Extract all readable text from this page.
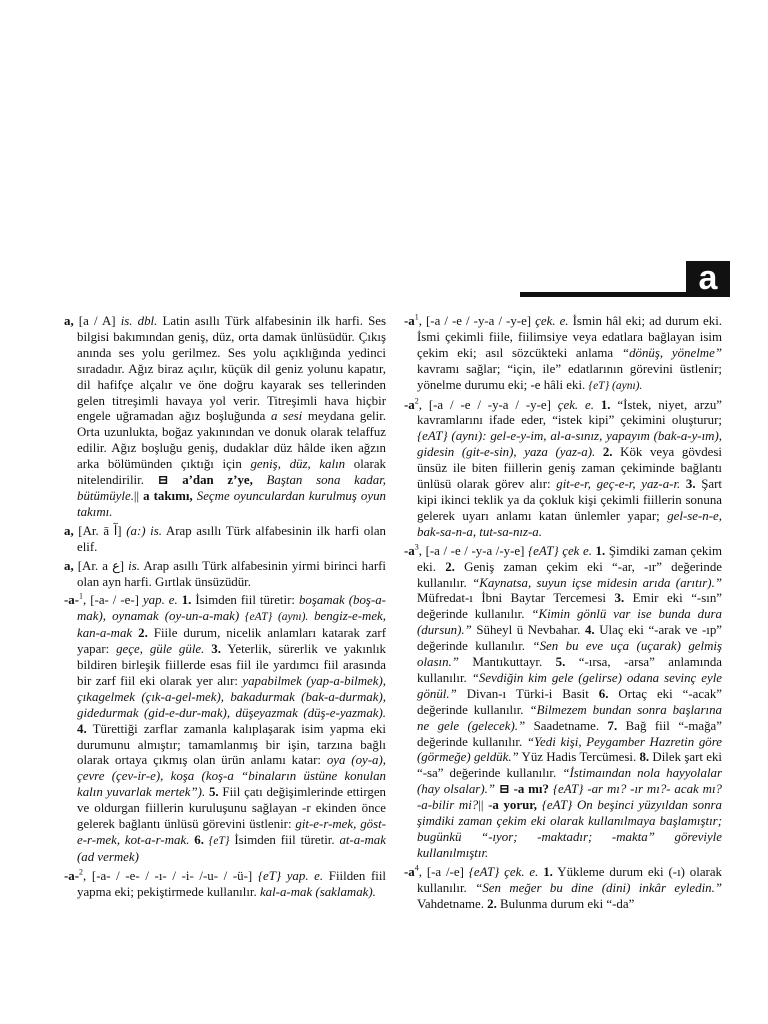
a

a, [a / A] is. dbl. Latin asıllı Türk alfabesinin ilk harfi. Ses bilgisi bakımından geniş, düz, orta damak ünlüsüdür. Çıkış anında ses yolu gerilmez. Ses yolu açıklığında yedinci sıradadır. Ağız biraz açılır, küçük dil geniz yolunu kapatır, dil hafifçe alçalır ve öne doğru kayarak ses tellerinden gelen titreşimli havaya yol verir. Titreşimli hava hiçbir engele uğramadan ağız boşluğunda a sesi meydana gelir. Orta uzunlukta, boğaz yakınından ve donuk olarak telaffuz edilir. Ağız boşluğu geniş, dudaklar düz hâlde iken ağzın arka bölümünden çıktığı için geniş, düz, kalın olarak nitelendirilir. ⊟ a’dan z’ye, Baştan sona kadar, bütümüyle.|| a takımı, Seçme oyunculardan kurulmuş oyun takımı.

a, [Ar. ā آ] (a:) is. Arap asıllı Türk alfabesinin ilk harfi olan elif.

a, [Ar. a ع] is. Arap asıllı Türk alfabesinin yirmi birinci harfi olan ayn harfi. Gırtlak ünsüzüdür.

-a-$^1$, [-a- / -e-] yap. e. 1. İsimden fiil türetir: boşamak (boş-a-mak), oynamak (oy-un-a-mak) {eAT} (aynı). bengiz-e-mek, kan-a-mak 2. Fiile durum, nicelik anlamları katarak zarf yapar: geçe, güle güle. 3. Yeterlik, sürerlik ve yakınlık bildiren birleşik fiillerde esas fiil ile yardımcı fiil arasında bir zarf fiil eki olarak yer alır: yapabilmek (yap-a-bilmek), çıkagelmek (çık-a-gel-mek), bakadurmak (bak-a-durmak), gidedurmak (gid-e-dur-mak), düşeyazmak (düş-e-yazmak). 4. Türettiği zarflar zamanla kalıplaşarak isim yapma eki durumunu almıştır; tamamlanmış bir işin, tarzına bağlı olarak ortaya çıkmış olan ürün anlamı katar: oya (oy-a), çevre (çev-ir-e), koşa (koş-a “binaların üstüne konulan kalın yuvarlak mertek”). 5. Fiil çatı değişimlerinde ettirgen ve oldurgan fiillerin kuruluşunu sağlayan -r ekinden önce gelerek bağlantı ünlüsü görevini üstlenir: git-e-r-mek, göst-e-r-mek, kot-a-r-mak. 6. {eT} İsimden fiil türetir. at-a-mak (ad vermek)

-a-$^2$, [-a- / -e- / -ı- / -i- /-u- / -ü-] {eT} yap. e. Fiilden fiil yapma eki; pekiştirmede kullanılır. kal-a-mak (saklamak).

$-a^1$, [-a / -e / -y-a / -y-e] çek. e. İsmin hâl eki; ad durum eki. İsmi çekimli fiile, fiilimsiye veya edatlara bağlayan isim çekim eki; asıl sözcükteki anlama “dönüş, yönelme” kavramı sağlar; “için, ile” edatlarının görevini üstlenir; yönelme durumu eki; -e hâli eki. {eT} (aynı).

$-a^2$, [-a / -e / -y-a / -y-e] çek. e. 1. “İstek, niyet, arzu” kavramlarını ifade eder, “istek kipi” çekimini oluşturur; {eAT} (aynı): gel-e-y-im, al-a-sınız, yapayım (bak-a-y-ım), gidesin (git-e-sin), yaza (yaz-a). 2. Kök veya gövdesi ünsüz ile biten fiillerin geniş zaman çekiminde bağlantı ünlüsü olarak görev alır: git-e-r, geç-e-r, yaz-a-r. 3. Şart kipi ikinci teklik ya da çokluk kişi çekimli fiillerin sonuna gelerek uyarı anlamı katan ünlemler yapar; gel-se-n-e, bak-sa-n-a, tut-sa-nız-a.

$-a^3$, [-a / -e / -y-a /-y-e] {eAT} çek e. 1. Şimdiki zaman çekim eki. 2. Geniş zaman çekim eki “-ar, -ır” değerinde kullanılır. “Kaynatsa, suyun içse midesin arıda (arıtır).” Müfredat-ı İbni Baytar Tercemesi 3. Emir eki “-sın” değerinde kullanılır. “Kimin gönlü var ise bunda dura (dursun).” Süheyl ü Nevbahar. 4. Ulaç eki “-arak ve -ıp” değerinde kullanılır. “Sen bu eve uça (uçarak) gelmiş olasın.” Mantıkuttayr. 5. “-ırsa, -arsa” anlamında kullanılır. “Sevdiğin kim gele (gelirse) odana sevinç eyle gönül.” Divan-ı Türki-i Basit 6. Ortaç eki “-acak” değerinde kullanılır. “Bilmezem bundan sonra başlarına ne gele (gelecek).” Saadetname. 7. Bağ fiil “-mağa” değerinde kullanılır. “Yedi kişi, Peygamber Hazretin göre (görmeğe) geldük.” Yüz Hadis Tercümesi. 8. Dilek şart eki “-sa” değerinde kullanılır. “İstimaından nola hayyolalar (hay olsalar).” ⊟ -a mı? {eAT} -ar mı? -ır mı?- acak mı? -a-bilir mi?|| -a yorur, {eAT} On beşinci yüzyıldan sonra şimdiki zaman çekim eki olarak kullanılmaya başlamıştır; bugünkü “-ıyor; -maktadır; -makta” göreviyle kullanılmıştır.

$-a^4$, [-a /-e] {eAT} çek. e. 1. Yükleme durum eki (-ı) olarak kullanılır. “Sen meğer bu dine (dini) inkâr eyledin.” Vahdetname. 2. Bulunma durum eki “-da”
